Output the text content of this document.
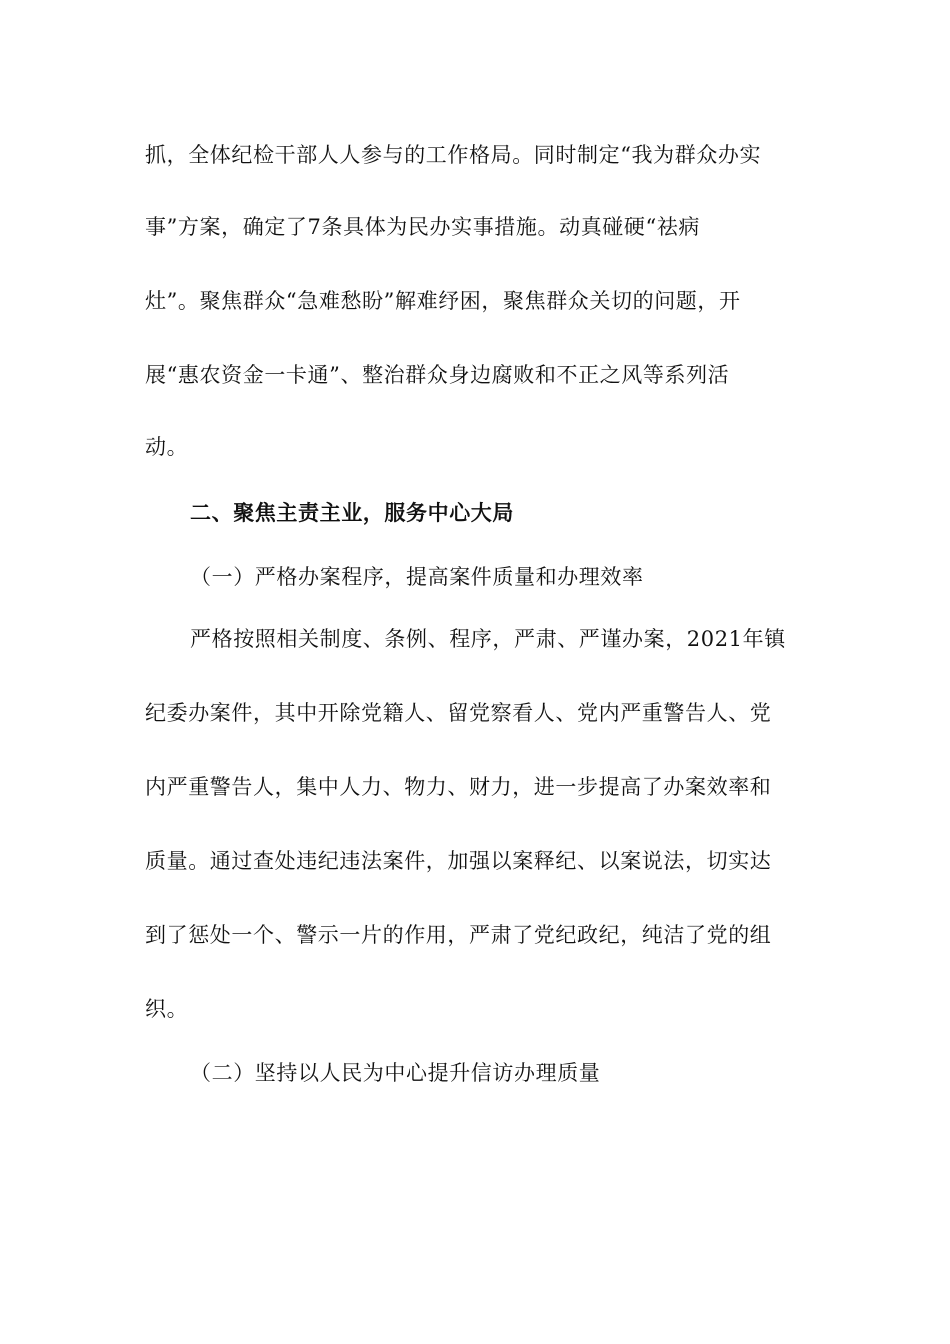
抓，全体纪检干部人人参与的工作格局。同时制定“我为群众办实
事”方案，确定了7条具体为民办实事措施。动真碰硬“祛病
灶”。聚焦群众“急难愁盼”解难纾困，聚焦群众关切的问题，开
展“惠农资金一卡通”、整治群众身边腐败和不正之风等系列活
动。
二、聚焦主责主业，服务中心大局
（一）严格办案程序，提高案件质量和办理效率
严格按照相关制度、条例、程序，严肃、严谨办案，2021年镇
纪委办案件，其中开除党籍人、留党察看人、党内严重警告人、党
内严重警告人，集中人力、物力、财力，进一步提高了办案效率和
质量。通过查处违纪违法案件，加强以案释纪、以案说法，切实达
到了惩处一个、警示一片的作用，严肃了党纪政纪，纯洁了党的组
织。
（二）坚持以人民为中心提升信访办理质量
